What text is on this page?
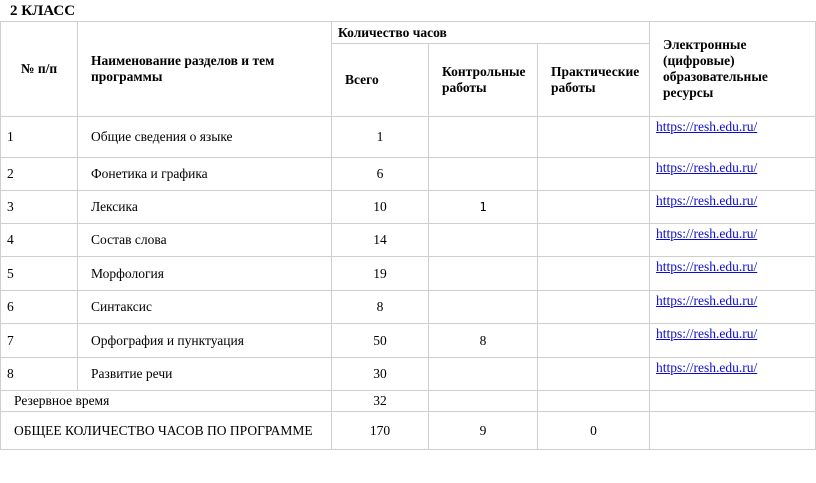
2 КЛАСС
№ п/п	Наименование разделов и тем программы	Количество часов			Электронные (цифровые) образовательные ресурсы
		Всего	Контрольные работы	Практические работы	
1	Общие сведения о языке	1			https://resh.edu.ru/
2	Фонетика и графика	6			https://resh.edu.ru/
3	Лексика	10	1		https://resh.edu.ru/
4	Состав слова	14			https://resh.edu.ru/
5	Морфология	19			https://resh.edu.ru/
6	Синтаксис	8			https://resh.edu.ru/
7	Орфография и пунктуация	50	8		https://resh.edu.ru/
8	Развитие речи	30			https://resh.edu.ru/
Резервное время		32			
ОБЩЕЕ КОЛИЧЕСТВО ЧАСОВ ПО ПРОГРАММЕ		170	9	0	
